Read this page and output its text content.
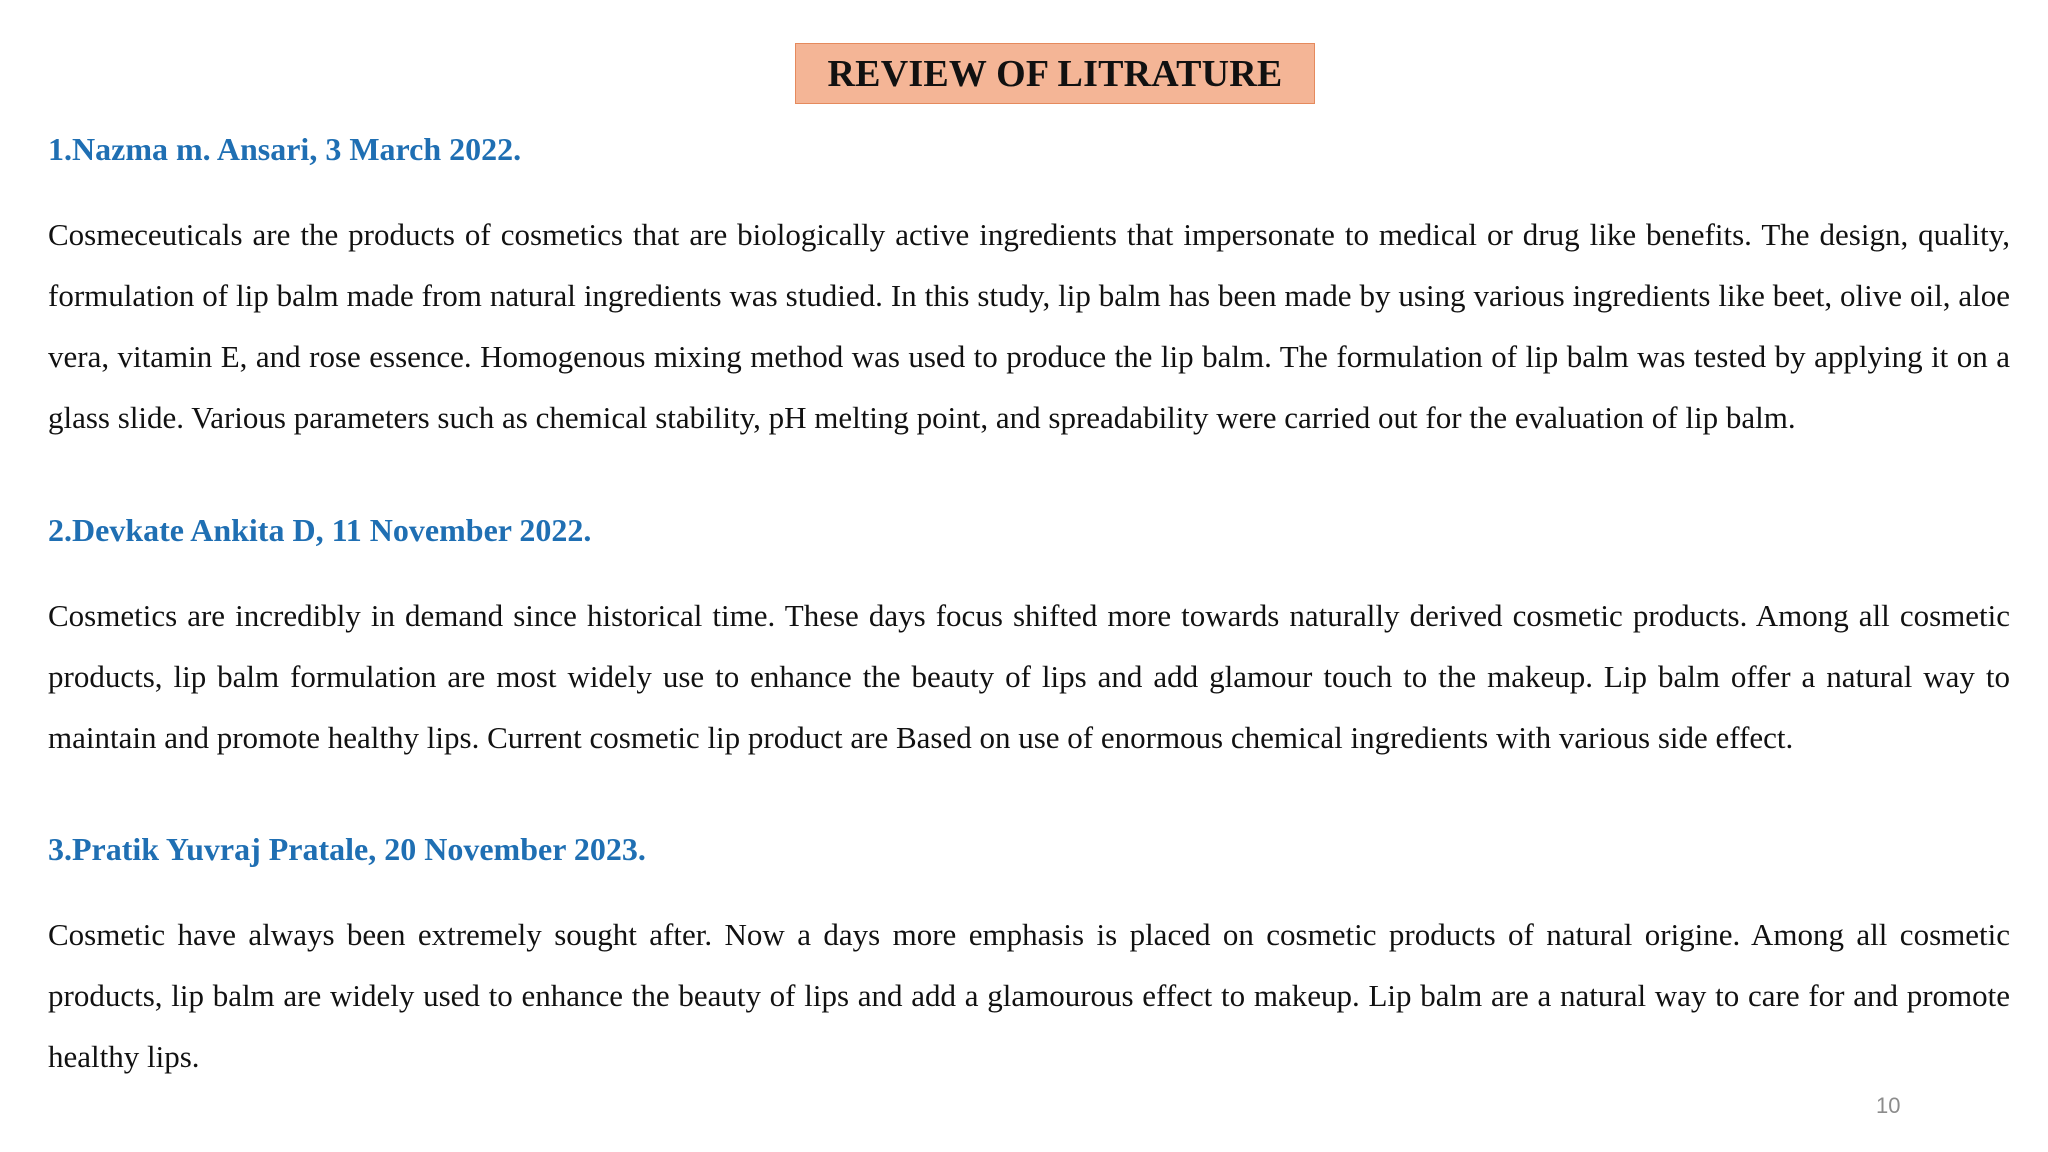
REVIEW OF LITRATURE
1.Nazma m. Ansari, 3 March 2022.

Cosmeceuticals are the products of cosmetics that are biologically active ingredients that impersonate to medical or drug like benefits. The design, quality, formulation of lip balm made from natural ingredients was studied. In this study, lip balm has been made by using various ingredients like beet, olive oil, aloe vera, vitamin E, and rose essence. Homogenous mixing method was used to produce the lip balm. The formulation of lip balm was tested by applying it on a glass slide. Various parameters such as chemical stability, pH melting point, and spreadability were carried out for the evaluation of lip balm.

2.Devkate Ankita D, 11 November 2022.

Cosmetics are incredibly in demand since historical time. These days focus shifted more towards naturally derived cosmetic products. Among all cosmetic products, lip balm formulation are most widely use to enhance the beauty of lips and add glamour touch to the makeup. Lip balm offer a natural way to maintain and promote healthy lips. Current cosmetic lip product are Based on use of enormous chemical ingredients with various side effect.

3.Pratik Yuvraj Pratale, 20 November 2023.

Cosmetic have always been extremely sought after. Now a days more emphasis is placed on cosmetic products of natural origine. Among all cosmetic products, lip balm are widely used to enhance the beauty of lips and add a glamourous effect to makeup. Lip balm are a natural way to care for and promote healthy lips.

10
